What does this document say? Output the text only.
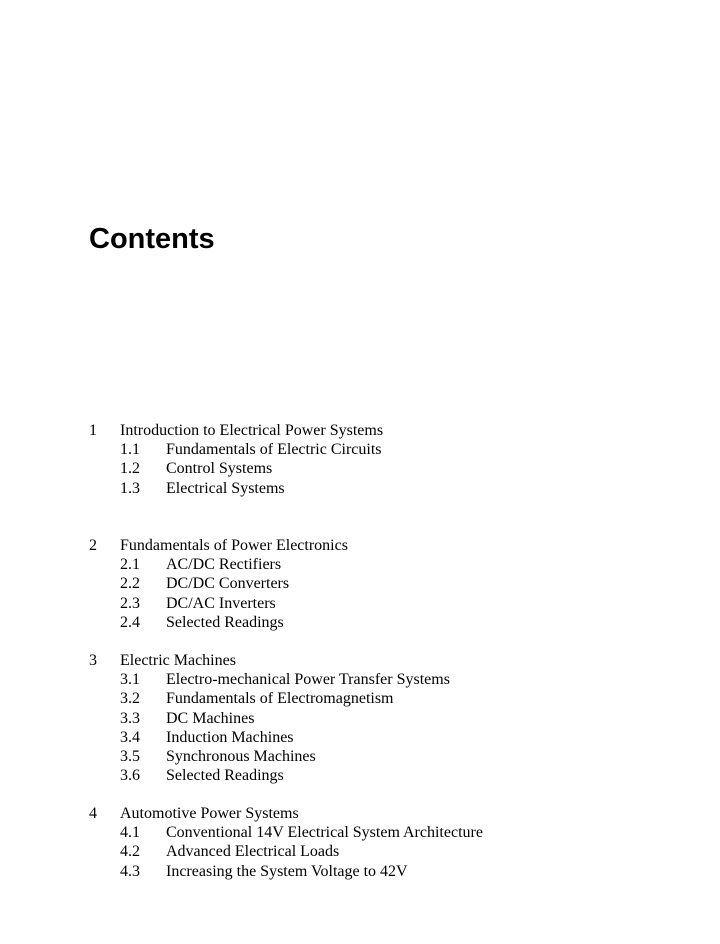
Contents
1 Introduction to Electrical Power Systems
1.1 Fundamentals of Electric Circuits
1.2 Control Systems
1.3 Electrical Systems
2 Fundamentals of Power Electronics
2.1 AC/DC Rectifiers
2.2 DC/DC Converters
2.3 DC/AC Inverters
2.4 Selected Readings
3 Electric Machines
3.1 Electro-mechanical Power Transfer Systems
3.2 Fundamentals of Electromagnetism
3.3 DC Machines
3.4 Induction Machines
3.5 Synchronous Machines
3.6 Selected Readings
4 Automotive Power Systems
4.1 Conventional 14V Electrical System Architecture
4.2 Advanced Electrical Loads
4.3 Increasing the System Voltage to 42V
